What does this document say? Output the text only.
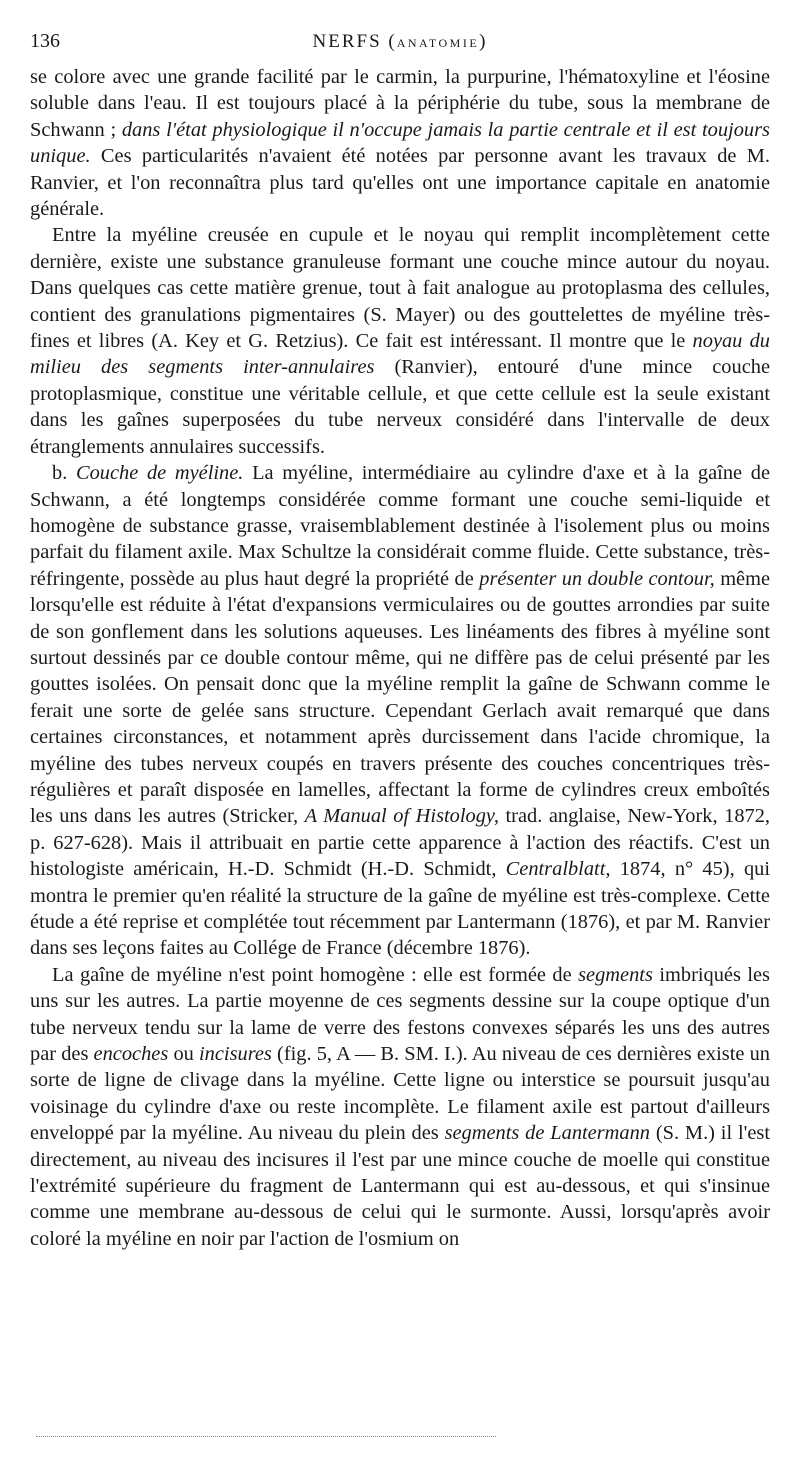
136	NERFS (ANATOMIE)

se colore avec une grande facilité par le carmin, la purpurine, l'hématoxyline et l'éosine soluble dans l'eau. Il est toujours placé à la périphérie du tube, sous la membrane de Schwann ; dans l'état physiologique il n'occupe jamais la partie centrale et il est toujours unique. Ces particularités n'avaient été notées par personne avant les travaux de M. Ranvier, et l'on reconnaîtra plus tard qu'elles ont une importance capitale en anatomie générale.

Entre la myéline creusée en cupule et le noyau qui remplit incomplètement cette dernière, existe une substance granuleuse formant une couche mince autour du noyau. Dans quelques cas cette matière grenue, tout à fait analogue au protoplasma des cellules, contient des granulations pigmentaires (S. Mayer) ou des gouttelettes de myéline très-fines et libres (A. Key et G. Retzius). Ce fait est intéressant. Il montre que le noyau du milieu des segments inter-annulaires (Ranvier), entouré d'une mince couche protoplasmique, constitue une véritable cellule, et que cette cellule est la seule existant dans les gaînes superposées du tube nerveux considéré dans l'intervalle de deux étranglements annulaires successifs.

b. Couche de myéline. La myéline, intermédiaire au cylindre d'axe et à la gaîne de Schwann, a été longtemps considérée comme formant une couche semi-liquide et homogène de substance grasse, vraisemblablement destinée à l'isolement plus ou moins parfait du filament axile. Max Schultze la considérait comme fluide. Cette substance, très-réfringente, possède au plus haut degré la propriété de présenter un double contour, même lorsqu'elle est réduite à l'état d'expansions vermiculaires ou de gouttes arrondies par suite de son gonflement dans les solutions aqueuses. Les linéaments des fibres à myéline sont surtout dessinés par ce double contour même, qui ne diffère pas de celui présenté par les gouttes isolées. On pensait donc que la myéline remplit la gaîne de Schwann comme le ferait une sorte de gelée sans structure. Cependant Gerlach avait remarqué que dans certaines circonstances, et notamment après durcissement dans l'acide chromique, la myéline des tubes nerveux coupés en travers présente des couches concentriques très-régulières et paraît disposée en lamelles, affectant la forme de cylindres creux emboîtés les uns dans les autres (Stricker, A Manual of Histology, trad. anglaise, New-York, 1872, p. 627-628). Mais il attribuait en partie cette apparence à l'action des réactifs. C'est un histologiste américain, H.-D. Schmidt (H.-D. Schmidt, Centralblatt, 1874, n° 45), qui montra le premier qu'en réalité la structure de la gaîne de myéline est très-complexe. Cette étude a été reprise et complétée tout récemment par Lantermann (1876), et par M. Ranvier dans ses leçons faites au Collége de France (décembre 1876).

La gaîne de myéline n'est point homogène : elle est formée de segments imbriqués les uns sur les autres. La partie moyenne de ces segments dessine sur la coupe optique d'un tube nerveux tendu sur la lame de verre des festons convexes séparés les uns des autres par des encoches ou incisures (fig. 5, A — B. SM. I.). Au niveau de ces dernières existe un sorte de ligne de clivage dans la myéline. Cette ligne ou interstice se poursuit jusqu'au voisinage du cylindre d'axe ou reste incomplète. Le filament axile est partout d'ailleurs enveloppé par la myéline. Au niveau du plein des segments de Lantermann (S. M.) il l'est directement, au niveau des incisures il l'est par une mince couche de moelle qui constitue l'extrémité supérieure du fragment de Lantermann qui est au-dessous, et qui s'insinue comme une membrane au-dessous de celui qui le surmonte. Aussi, lorsqu'après avoir coloré la myéline en noir par l'action de l'osmium on
